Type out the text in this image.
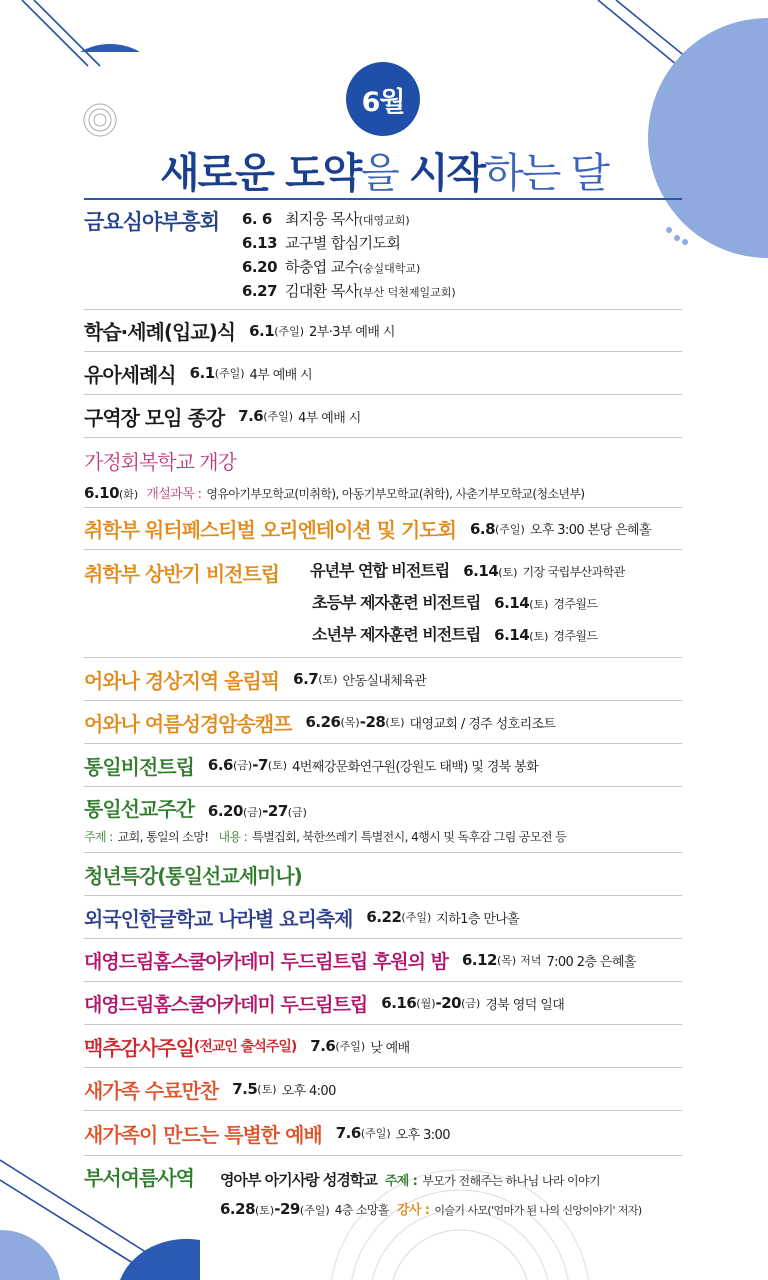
6월
새로운 도약을 시작하는 달
금요심야부흥회	6. 6 최지웅 목사 (대영교회)
6.13 교구별 합심기도회
6.20 하충엽 교수 (숭실대학교)
6.27 김대환 목사 (부산 덕천제일교회)
학습·세례(입교)식 6.1 (주일) 2부·3부 예배 시
유아세례식 6.1 (주일) 4부 예배 시
구역장 모임 종강 7.6 (주일) 4부 예배 시
가정회복학교 개강
6.10 (화) 개설과목 : 영유아기부모학교(미취학), 아동기부모학교(취학), 사춘기부모학교(청소년부)
취학부 워터페스티벌 오리엔테이션 및 기도회 6.8 (주일) 오후 3:00 본당 은혜홀
취학부 상반기 비전트립	유년부 연합 비전트립 6.14 (토) 기장 국립부산과학관
초등부 제자훈련 비전트립 6.14 (토) 경주월드
소년부 제자훈련 비전트립 6.14 (토) 경주월드
어와나 경상지역 올림픽 6.7 (토) 안동실내체육관
어와나 여름성경암송캠프 6.26 (목) - 28 (토) 대영교회 / 경주 성호리조트
통일비전트립 6.6 (금) - 7 (토) 4번째강문화연구원(강원도 태백) 및 경북 봉화
통일선교주간 6.20 (금) - 27 (금)
주제 : 교회, 통일의 소망! 내용 : 특별집회, 북한쓰레기 특별전시, 4행시 및 독후감 그림 공모전 등
청년특강(통일선교세미나)
외국인한글학교 나라별 요리축제 6.22 (주일) 지하1층 만나홀
대영드림홈스쿨아카데미 두드림트립 후원의 밤 6.12 (목) 저녁 7:00 2층 은혜홀
대영드림홈스쿨아카데미 두드림트립 6.16 (월) - 20 (금) 경북 영덕 일대
맥추감사주일 (전교인 출석주일) 7.6 (주일) 낮 예배
새가족 수료만찬 7.5 (토) 오후 4:00
새가족이 만드는 특별한 예배 7.6 (주일) 오후 3:00
부서여름사역	영아부 아기사랑 성경학교 주제 : 부모가 전해주는 하나님 나라 이야기
6.28 (토) - 29 (주일) 4층 소망홀 강사 : 이슬기 사모('엄마가 된 나의 신앙이야기' 저자)
